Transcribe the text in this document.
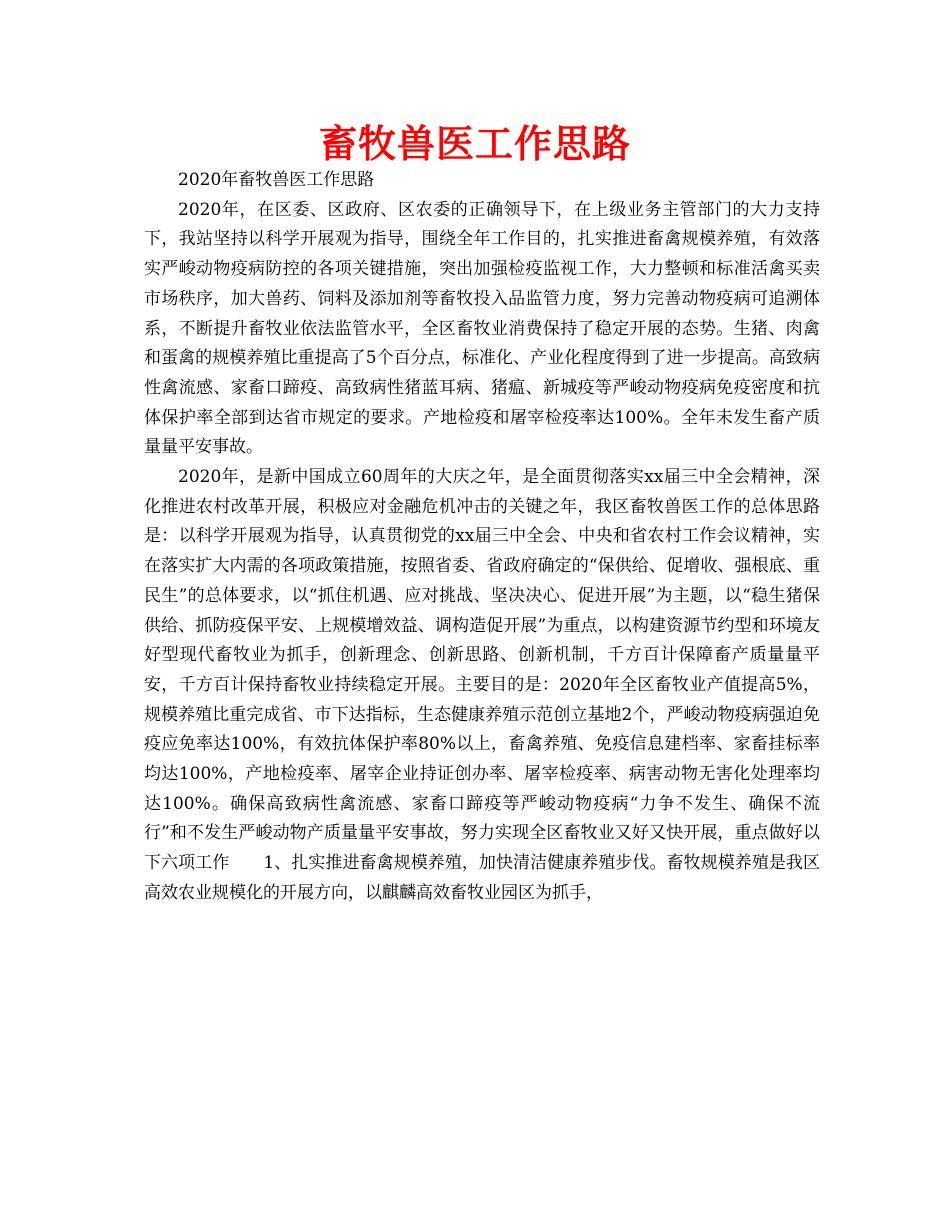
畜牧兽医工作思路

2020年畜牧兽医工作思路

2020年，在区委、区政府、区农委的正确领导下，在上级业务主管部门的大力支持下，我站坚持以科学开展观为指导，围绕全年工作目的，扎实推进畜禽规模养殖，有效落实严峻动物疫病防控的各项关键措施，突出加强检疫监视工作，大力整顿和标准活禽买卖市场秩序，加大兽药、饲料及添加剂等畜牧投入品监管力度，努力完善动物疫病可追溯体系，不断提升畜牧业依法监管水平，全区畜牧业消费保持了稳定开展的态势。生猪、肉禽和蛋禽的规模养殖比重提高了5个百分点，标准化、产业化程度得到了进一步提高。高致病性禽流感、家畜口蹄疫、高致病性猪蓝耳病、猪瘟、新城疫等严峻动物疫病免疫密度和抗体保护率全部到达省市规定的要求。产地检疫和屠宰检疫率达100%。全年未发生畜产质量量平安事故。

2020年，是新中国成立60周年的大庆之年，是全面贯彻落实xx届三中全会精神，深化推进农村改革开展，积极应对金融危机冲击的关键之年，我区畜牧兽医工作的总体思路是：以科学开展观为指导，认真贯彻党的xx届三中全会、中央和省农村工作会议精神，实在落实扩大内需的各项政策措施，按照省委、省政府确定的“保供给、促增收、强根底、重民生”的总体要求，以“抓住机遇、应对挑战、坚决决心、促进开展”为主题，以“稳生猪保供给、抓防疫保平安、上规模增效益、调构造促开展”为重点，以构建资源节约型和环境友好型现代畜牧业为抓手，创新理念、创新思路、创新机制，千方百计保障畜产质量量平安，千方百计保持畜牧业持续稳定开展。主要目的是：2020年全区畜牧业产值提高5%，规模养殖比重完成省、市下达指标，生态健康养殖示范创立基地2个，严峻动物疫病强迫免疫应免率达100%，有效抗体保护率80%以上，畜禽养殖、免疫信息建档率、家畜挂标率均达100%，产地检疫率、屠宰企业持证创办率、屠宰检疫率、病害动物无害化处理率均达100%。确保高致病性禽流感、家畜口蹄疫等严峻动物疫病“力争不发生、确保不流行”和不发生严峻动物产质量量平安事故，努力实现全区畜牧业又好又快开展，重点做好以下六项工作　　1、扎实推进畜禽规模养殖，加快清洁健康养殖步伐。畜牧规模养殖是我区高效农业规模化的开展方向，以麒麟高效畜牧业园区为抓手，
